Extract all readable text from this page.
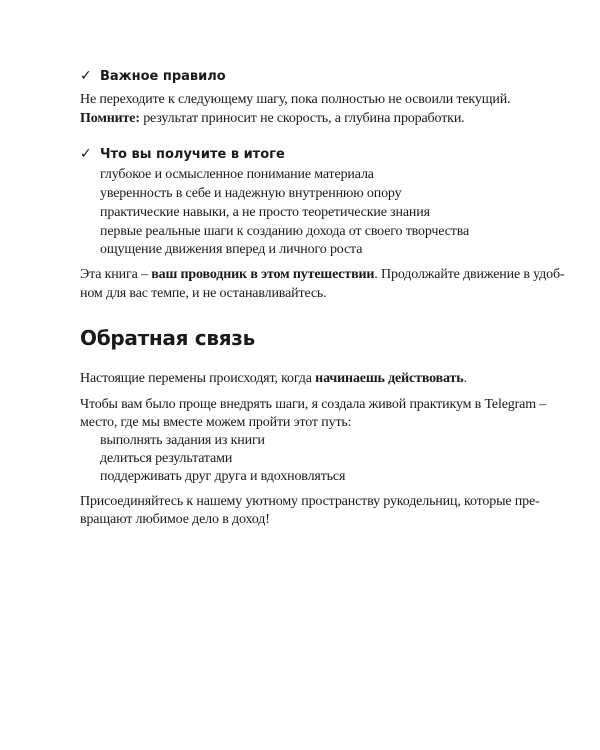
✓ Важное правило
Не переходите к следующему шагу, пока полностью не освоили текущий.
Помните: результат приносит не скорость, а глубина проработки.
✓ Что вы получите в итоге
глубокое и осмысленное понимание материала
уверенность в себе и надежную внутреннюю опору
практические навыки, а не просто теоретические знания
первые реальные шаги к созданию дохода от своего творчества
ощущение движения вперед и личного роста
Эта книга – ваш проводник в этом путешествии. Продолжайте движение в удоб-
ном для вас темпе, и не останавливайтесь.
Обратная связь
Настоящие перемены происходят, когда начинаешь действовать.
Чтобы вам было проще внедрять шаги, я создала живой практикум в Telegram –
место, где мы вместе можем пройти этот путь:
выполнять задания из книги
делиться результатами
поддерживать друг друга и вдохновляться
Присоединяйтесь к нашему уютному пространству рукодельниц, которые пре-
вращают любимое дело в доход!
